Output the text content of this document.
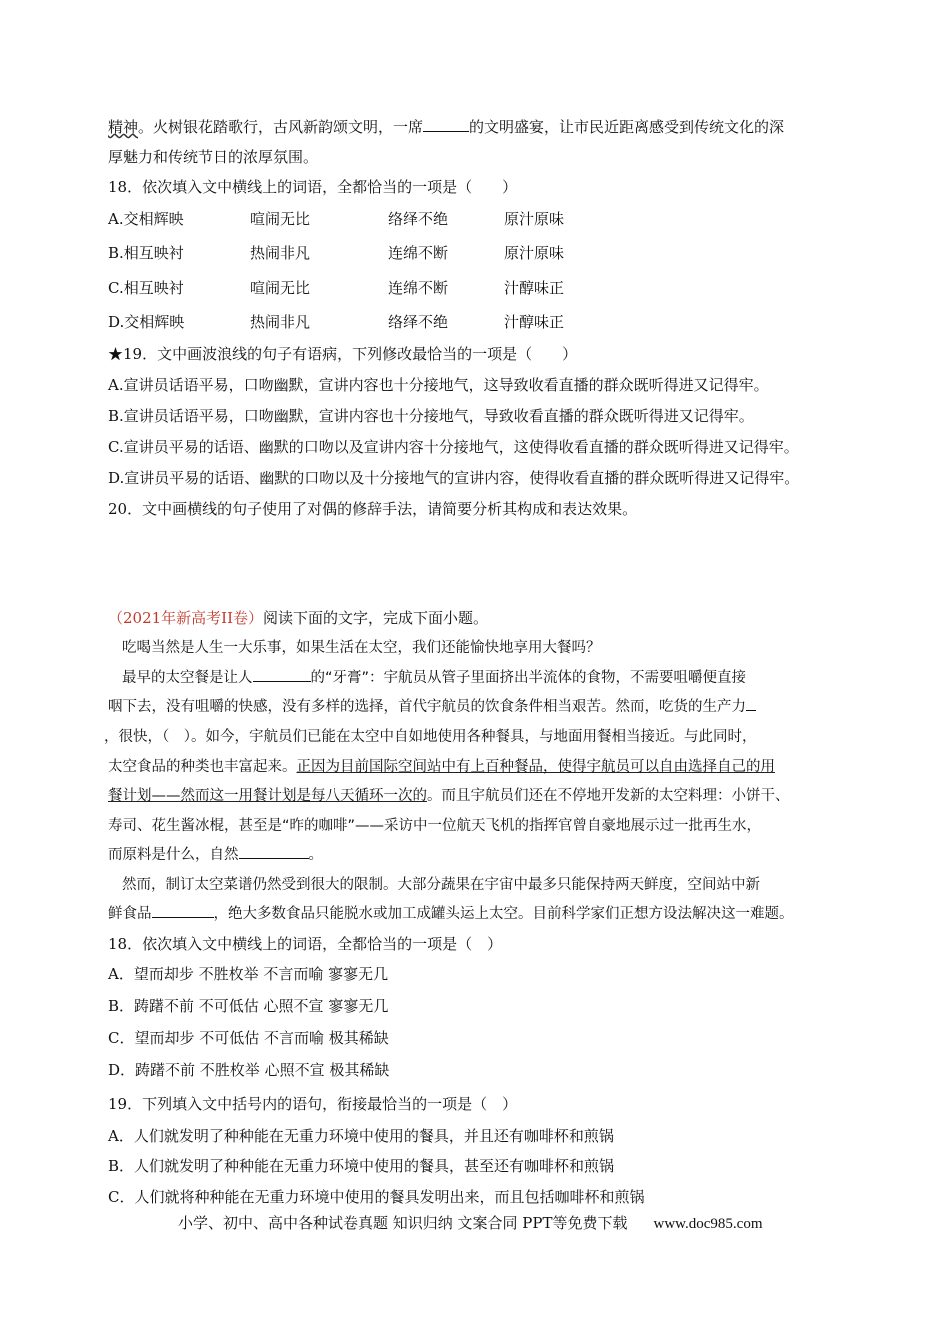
精神。火树银花踏歌行，古风新韵颂文明，一席	的文明盛宴，让市民近距离感受到传统文化的深
厚魅力和传统节日的浓厚氛围。
18．依次填入文中横线上的词语，全都恰当的一项是（　　）
A.交相辉映	喧闹无比	络绎不绝	原汁原味
B.相互映衬	热闹非凡	连绵不断	原汁原味
C.相互映衬	喧闹无比	连绵不断	汁醇味正
D.交相辉映	热闹非凡	络绎不绝	汁醇味正
★19．文中画波浪线的句子有语病，下列修改最恰当的一项是（　　）
A.宣讲员话语平易，口吻幽默，宣讲内容也十分接地气，这导致收看直播的群众既听得进又记得牢。
B.宣讲员话语平易，口吻幽默，宣讲内容也十分接地气，导致收看直播的群众既听得进又记得牢。
C.宣讲员平易的话语、幽默的口吻以及宣讲内容十分接地气，这使得收看直播的群众既听得进又记得牢。
D.宣讲员平易的话语、幽默的口吻以及十分接地气的宣讲内容，使得收看直播的群众既听得进又记得牢。
20．文中画横线的句子使用了对偶的修辞手法，请简要分析其构成和表达效果。
（2021年新高考II卷）阅读下面的文字，完成下面小题。
吃喝当然是人生一大乐事，如果生活在太空，我们还能愉快地享用大餐吗？
最早的太空餐是让人	的“牙膏”：宇航员从管子里面挤出半流体的食物，不需要咀嚼便直接
咽下去，没有咀嚼的快感，没有多样的选择，首代宇航员的饮食条件相当艰苦。然而，吃货的生产力
，很快，（　）。如今，宇航员们已能在太空中自如地使用各种餐具，与地面用餐相当接近。与此同时，
太空食品的种类也丰富起来。正因为目前国际空间站中有上百种餐品，使得宇航员可以自由选择自己的用
餐计划——然而这一用餐计划是每八天循环一次的。而且宇航员们还在不停地开发新的太空料理：小饼干、
寿司、花生酱冰棍，甚至是“昨的咖啡”——采访中一位航天飞机的指挥官曾自豪地展示过一批再生水，
而原料是什么，自然	。
然而，制订太空菜谱仍然受到很大的限制。大部分蔬果在宇宙中最多只能保持两天鲜度，空间站中新
鲜食品	，绝大多数食品只能脱水或加工成罐头运上太空。目前科学家们正想方设法解决这一难题。
18．依次填入文中横线上的词语，全都恰当的一项是（　）
A．望而却步 不胜枚举 不言而喻 寥寥无几
B．踌躇不前 不可低估 心照不宣 寥寥无几
C．望而却步 不可低估 不言而喻 极其稀缺
D．踌躇不前 不胜枚举 心照不宣 极其稀缺
19．下列填入文中括号内的语句，衔接最恰当的一项是（　）
A．人们就发明了种种能在无重力环境中使用的餐具，并且还有咖啡杯和煎锅
B．人们就发明了种种能在无重力环境中使用的餐具，甚至还有咖啡杯和煎锅
C．人们就将种种能在无重力环境中使用的餐具发明出来，而且包括咖啡杯和煎锅
小学、初中、高中各种试卷真题 知识归纳 文案合同 PPT等免费下载 www.doc985.com
